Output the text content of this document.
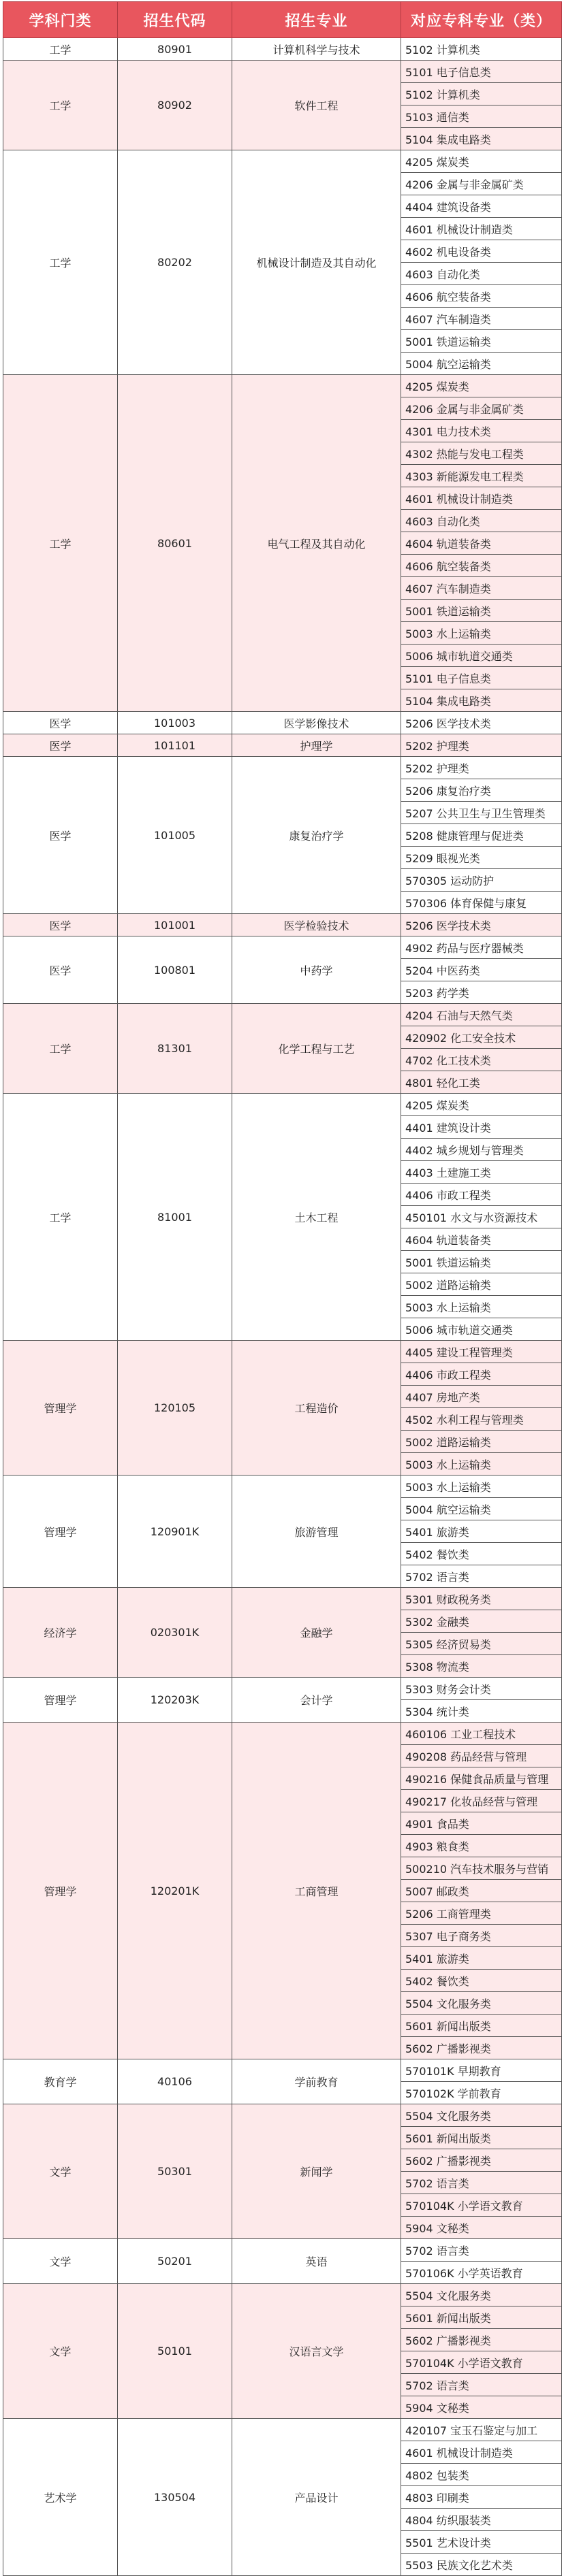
学科门类	招生代码	招生专业	对应专科专业（类）
工学	80901	计算机科学与技术	5102 计算机类
工学	80902	软件工程	5101 电子信息类
			5102 计算机类
			5103 通信类
			5104 集成电路类
工学	80202	机械设计制造及其自动化	4205 煤炭类
			4206 金属与非金属矿类
			4404 建筑设备类
			4601 机械设计制造类
			4602 机电设备类
			4603 自动化类
			4606 航空装备类
			4607 汽车制造类
			5001 铁道运输类
			5004 航空运输类
工学	80601	电气工程及其自动化	4205 煤炭类
			4206 金属与非金属矿类
			4301 电力技术类
			4302 热能与发电工程类
			4303 新能源发电工程类
			4601 机械设计制造类
			4603 自动化类
			4604 轨道装备类
			4606 航空装备类
			4607 汽车制造类
			5001 铁道运输类
			5003 水上运输类
			5006 城市轨道交通类
			5101 电子信息类
			5104 集成电路类
医学	101003	医学影像技术	5206 医学技术类
医学	101101	护理学	5202 护理类
医学	101005	康复治疗学	5202 护理类
			5206 康复治疗类
			5207 公共卫生与卫生管理类
			5208 健康管理与促进类
			5209 眼视光类
			570305 运动防护
			570306 体育保健与康复
医学	101001	医学检验技术	5206 医学技术类
医学	100801	中药学	4902 药品与医疗器械类
			5204 中医药类
			5203 药学类
工学	81301	化学工程与工艺	4204 石油与天然气类
			420902 化工安全技术
			4702 化工技术类
			4801 轻化工类
工学	81001	土木工程	4205 煤炭类
			4401 建筑设计类
			4402 城乡规划与管理类
			4403 土建施工类
			4406 市政工程类
			450101 水文与水资源技术
			4604 轨道装备类
			5001 铁道运输类
			5002 道路运输类
			5003 水上运输类
			5006 城市轨道交通类
管理学	120105	工程造价	4405 建设工程管理类
			4406 市政工程类
			4407 房地产类
			4502 水利工程与管理类
			5002 道路运输类
			5003 水上运输类
管理学	120901K	旅游管理	5003 水上运输类
			5004 航空运输类
			5401 旅游类
			5402 餐饮类
			5702 语言类
经济学	020301K	金融学	5301 财政税务类
			5302 金融类
			5305 经济贸易类
			5308 物流类
管理学	120203K	会计学	5303 财务会计类
			5304 统计类
管理学	120201K	工商管理	460106 工业工程技术
			490208 药品经营与管理
			490216 保健食品质量与管理
			490217 化妆品经营与管理
			4901 食品类
			4903 粮食类
			500210 汽车技术服务与营销
			5007 邮政类
			5206 工商管理类
			5307 电子商务类
			5401 旅游类
			5402 餐饮类
			5504 文化服务类
			5601 新闻出版类
			5602 广播影视类
教育学	40106	学前教育	570101K 早期教育
			570102K 学前教育
文学	50301	新闻学	5504 文化服务类
			5601 新闻出版类
			5602 广播影视类
			5702 语言类
			570104K 小学语文教育
			5904 文秘类
文学	50201	英语	5702 语言类
			570106K 小学英语教育
文学	50101	汉语言文学	5504 文化服务类
			5601 新闻出版类
			5602 广播影视类
			570104K 小学语文教育
			5702 语言类
			5904 文秘类
艺术学	130504	产品设计	420107 宝玉石鉴定与加工
			4601 机械设计制造类
			4802 包装类
			4803 印刷类
			4804 纺织服装类
			5501 艺术设计类
			5503 民族文化艺术类
